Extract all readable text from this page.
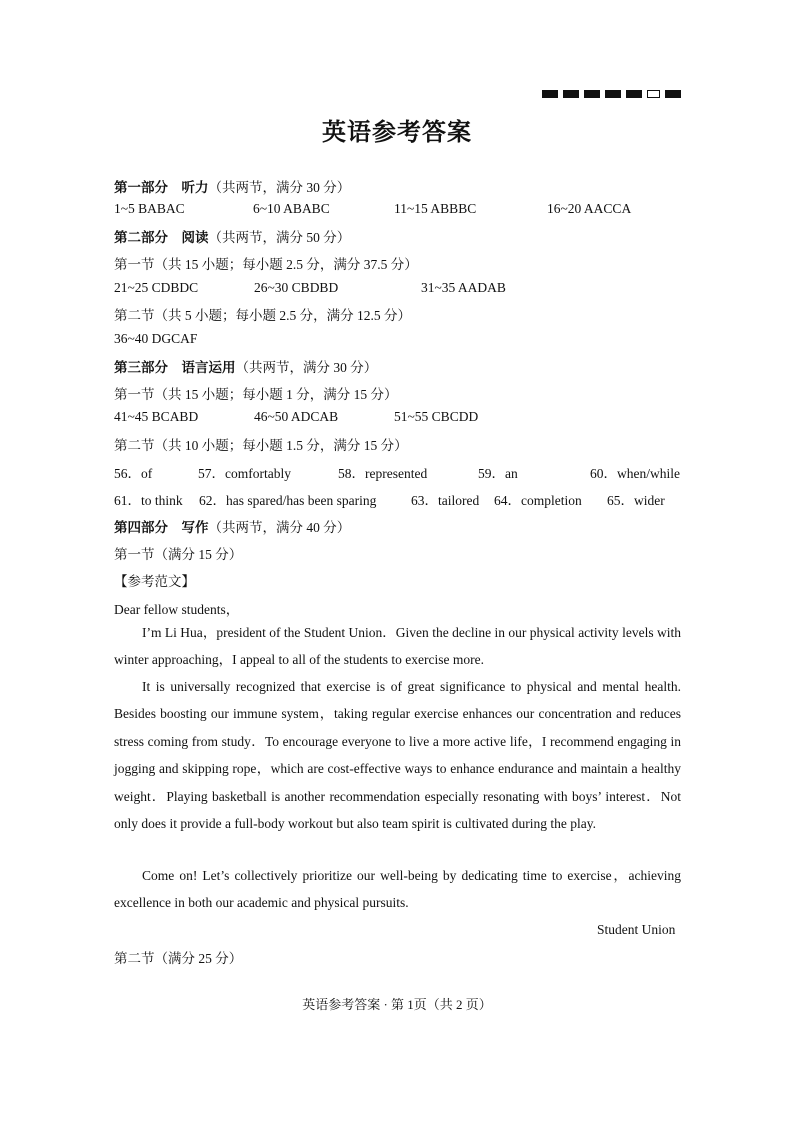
英语参考答案
第一部分　听力（共两节，满分 30 分）
1~5 BABAC	6~10 ABABC	11~15 ABBBC	16~20 AACCA
第二部分　阅读（共两节，满分 50 分）
第一节（共 15 小题；每小题 2.5 分，满分 37.5 分）
21~25 CDBDC	26~30 CBDBD	31~35 AADAB
第二节（共 5 小题；每小题 2.5 分，满分 12.5 分）
36~40 DGCAF
第三部分　语言运用（共两节，满分 30 分）
第一节（共 15 小题；每小题 1 分，满分 15 分）
41~45 BCABD	46~50 ADCAB	51~55 CBCDD
第二节（共 10 小题；每小题 1.5 分，满分 15 分）
56．of	57．comfortably	58．represented	59．an	60．when/while
61．to think 62．has spared/has been sparing	63．tailored 64．completion 65．wider
第四部分　写作（共两节，满分 40 分）
第一节（满分 15 分）
【参考范文】
Dear fellow students，
I’m Li Hua，president of the Student Union．Given the decline in our physical activity levels with winter approaching，I appeal to all of the students to exercise more.
It is universally recognized that exercise is of great significance to physical and mental health. Besides boosting our immune system，taking regular exercise enhances our concentration and reduces stress coming from study．To encourage everyone to live a more active life，I recommend engaging in jogging and skipping rope，which are cost-effective ways to enhance endurance and maintain a healthy weight．Playing basketball is another recommendation especially resonating with boys’ interest．Not only does it provide a full-body workout but also team spirit is cultivated during the play.
Come on! Let’s collectively prioritize our well-being by dedicating time to exercise，achieving excellence in both our academic and physical pursuits.
Student Union
第二节（满分 25 分）
英语参考答案 · 第 1页（共 2 页）
